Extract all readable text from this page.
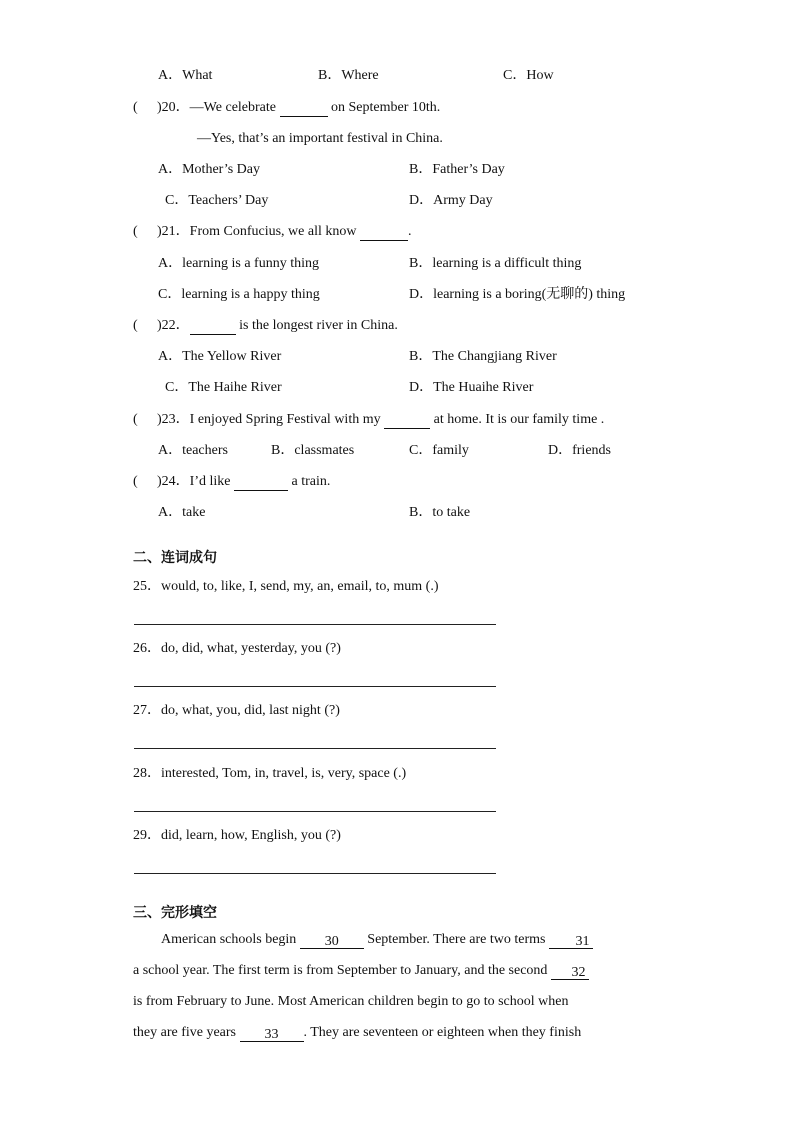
A．What	B．Where	C．How
( )20．—We celebrate	on September 10th.
—Yes, that’s an important festival in China.
A．Mother’s Day	B．Father’s Day
C．Teachers’ Day	D．Army Day
( )21．From Confucius, we all know	.
A．learning is a funny thing	B．learning is a difficult thing
C．learning is a happy thing	D．learning is a boring(无聊的) thing
( )22．	is the longest river in China.
A．The Yellow River	B．The Changjiang River
C．The Haihe River	D．The Huaihe River
( )23．I enjoyed Spring Festival with my	at home. It is our family time .
A．teachers	B．classmates	C．family	D．friends
( )24．I’d like	a train.
A．take	B．to take
二、连词成句
25．would, to, like, I, send, my, an, email, to, mum (.)
26．do, did, what, yesterday, you (?)
27．do, what, you, did, last night (?)
28．interested, Tom, in, travel, is, very, space (.)
29．did, learn, how, English, you (?)
三、完形填空
American schools begin 30 September. There are two terms 31
a school year. The first term is from September to January, and the second 32
is from February to June. Most American children begin to go to school when
they are five years 33 . They are seventeen or eighteen when they finish
